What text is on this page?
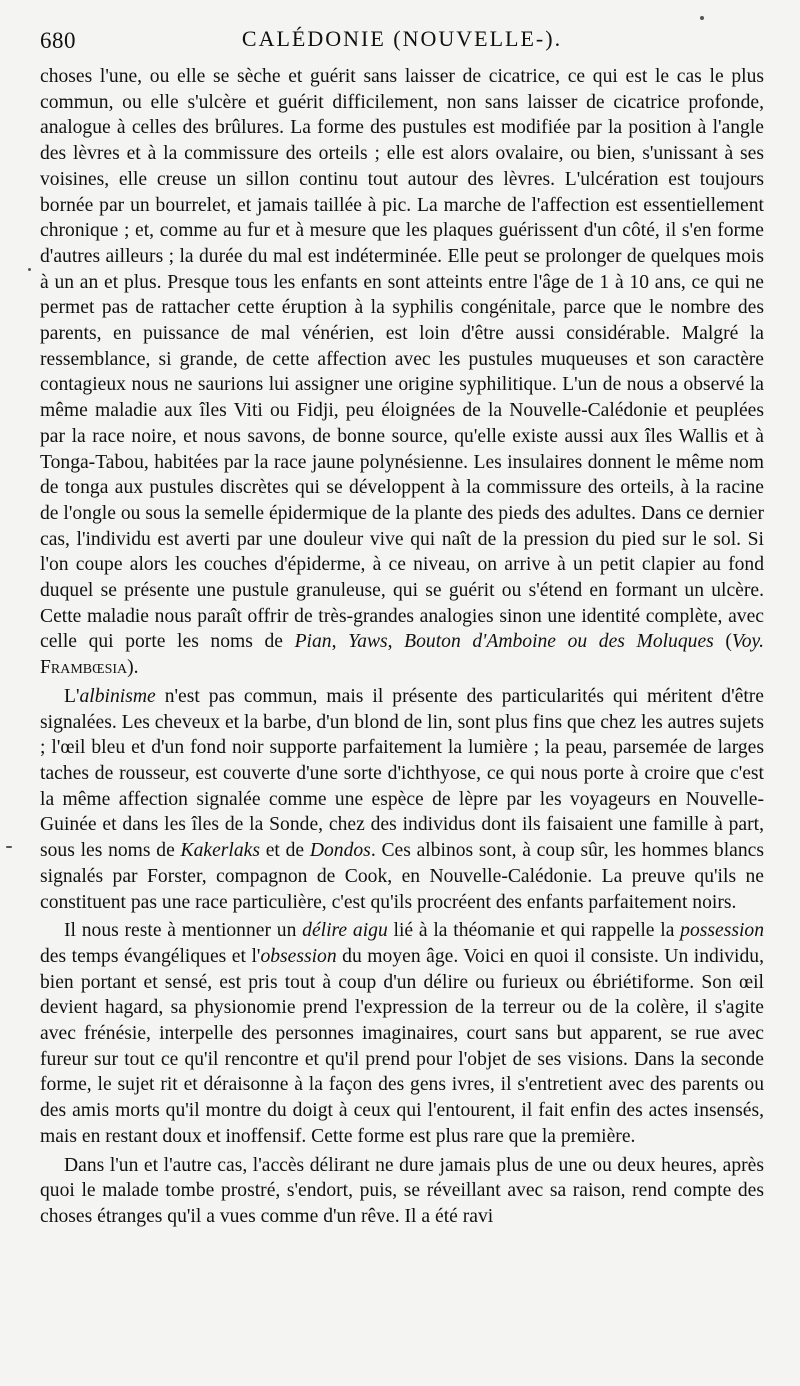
680	CALÉDONIE (NOUVELLE-).

choses l'une, ou elle se sèche et guérit sans laisser de cicatrice, ce qui est le cas le plus commun, ou elle s'ulcère et guérit difficilement, non sans laisser de cicatrice profonde, analogue à celles des brûlures. La forme des pustules est modifiée par la position à l'angle des lèvres et à la commissure des orteils ; elle est alors ovalaire, ou bien, s'unissant à ses voisines, elle creuse un sillon continu tout autour des lèvres. L'ulcération est toujours bornée par un bourrelet, et jamais taillée à pic. La marche de l'affection est essentiellement chronique ; et, comme au fur et à mesure que les plaques guérissent d'un côté, il s'en forme d'autres ailleurs ; la durée du mal est indéterminée. Elle peut se prolonger de quelques mois à un an et plus. Presque tous les enfants en sont atteints entre l'âge de 1 à 10 ans, ce qui ne permet pas de rattacher cette éruption à la syphilis congénitale, parce que le nombre des parents, en puissance de mal vénérien, est loin d'être aussi considérable. Malgré la ressemblance, si grande, de cette affection avec les pustules muqueuses et son caractère contagieux nous ne saurions lui assigner une origine syphilitique. L'un de nous a observé la même maladie aux îles Viti ou Fidji, peu éloignées de la Nouvelle-Calédonie et peuplées par la race noire, et nous savons, de bonne source, qu'elle existe aussi aux îles Wallis et à Tonga-Tabou, habitées par la race jaune polynésienne. Les insulaires donnent le même nom de tonga aux pustules discrètes qui se développent à la commissure des orteils, à la racine de l'ongle ou sous la semelle épidermique de la plante des pieds des adultes. Dans ce dernier cas, l'individu est averti par une douleur vive qui naît de la pression du pied sur le sol. Si l'on coupe alors les couches d'épiderme, à ce niveau, on arrive à un petit clapier au fond duquel se présente une pustule granuleuse, qui se guérit ou s'étend en formant un ulcère. Cette maladie nous paraît offrir de très-grandes analogies sinon une identité complète, avec celle qui porte les noms de Pian, Yaws, Bouton d'Amboine ou des Moluques (Voy. Frambœsia).

L'albinisme n'est pas commun, mais il présente des particularités qui méritent d'être signalées. Les cheveux et la barbe, d'un blond de lin, sont plus fins que chez les autres sujets ; l'œil bleu et d'un fond noir supporte parfaitement la lumière ; la peau, parsemée de larges taches de rousseur, est couverte d'une sorte d'ichthyose, ce qui nous porte à croire que c'est la même affection signalée comme une espèce de lèpre par les voyageurs en Nouvelle-Guinée et dans les îles de la Sonde, chez des individus dont ils faisaient une famille à part, sous les noms de Kakerlaks et de Dondos. Ces albinos sont, à coup sûr, les hommes blancs signalés par Forster, compagnon de Cook, en Nouvelle-Calédonie. La preuve qu'ils ne constituent pas une race particulière, c'est qu'ils procréent des enfants parfaitement noirs.

Il nous reste à mentionner un délire aigu lié à la théomanie et qui rappelle la possession des temps évangéliques et l'obsession du moyen âge. Voici en quoi il consiste. Un individu, bien portant et sensé, est pris tout à coup d'un délire ou furieux ou ébriétiforme. Son œil devient hagard, sa physionomie prend l'expression de la terreur ou de la colère, il s'agite avec frénésie, interpelle des personnes imaginaires, court sans but apparent, se rue avec fureur sur tout ce qu'il rencontre et qu'il prend pour l'objet de ses visions. Dans la seconde forme, le sujet rit et déraisonne à la façon des gens ivres, il s'entretient avec des parents ou des amis morts qu'il montre du doigt à ceux qui l'entourent, il fait enfin des actes insensés, mais en restant doux et inoffensif. Cette forme est plus rare que la première.

Dans l'un et l'autre cas, l'accès délirant ne dure jamais plus de une ou deux heures, après quoi le malade tombe prostré, s'endort, puis, se réveillant avec sa raison, rend compte des choses étranges qu'il a vues comme d'un rêve. Il a été ravi
